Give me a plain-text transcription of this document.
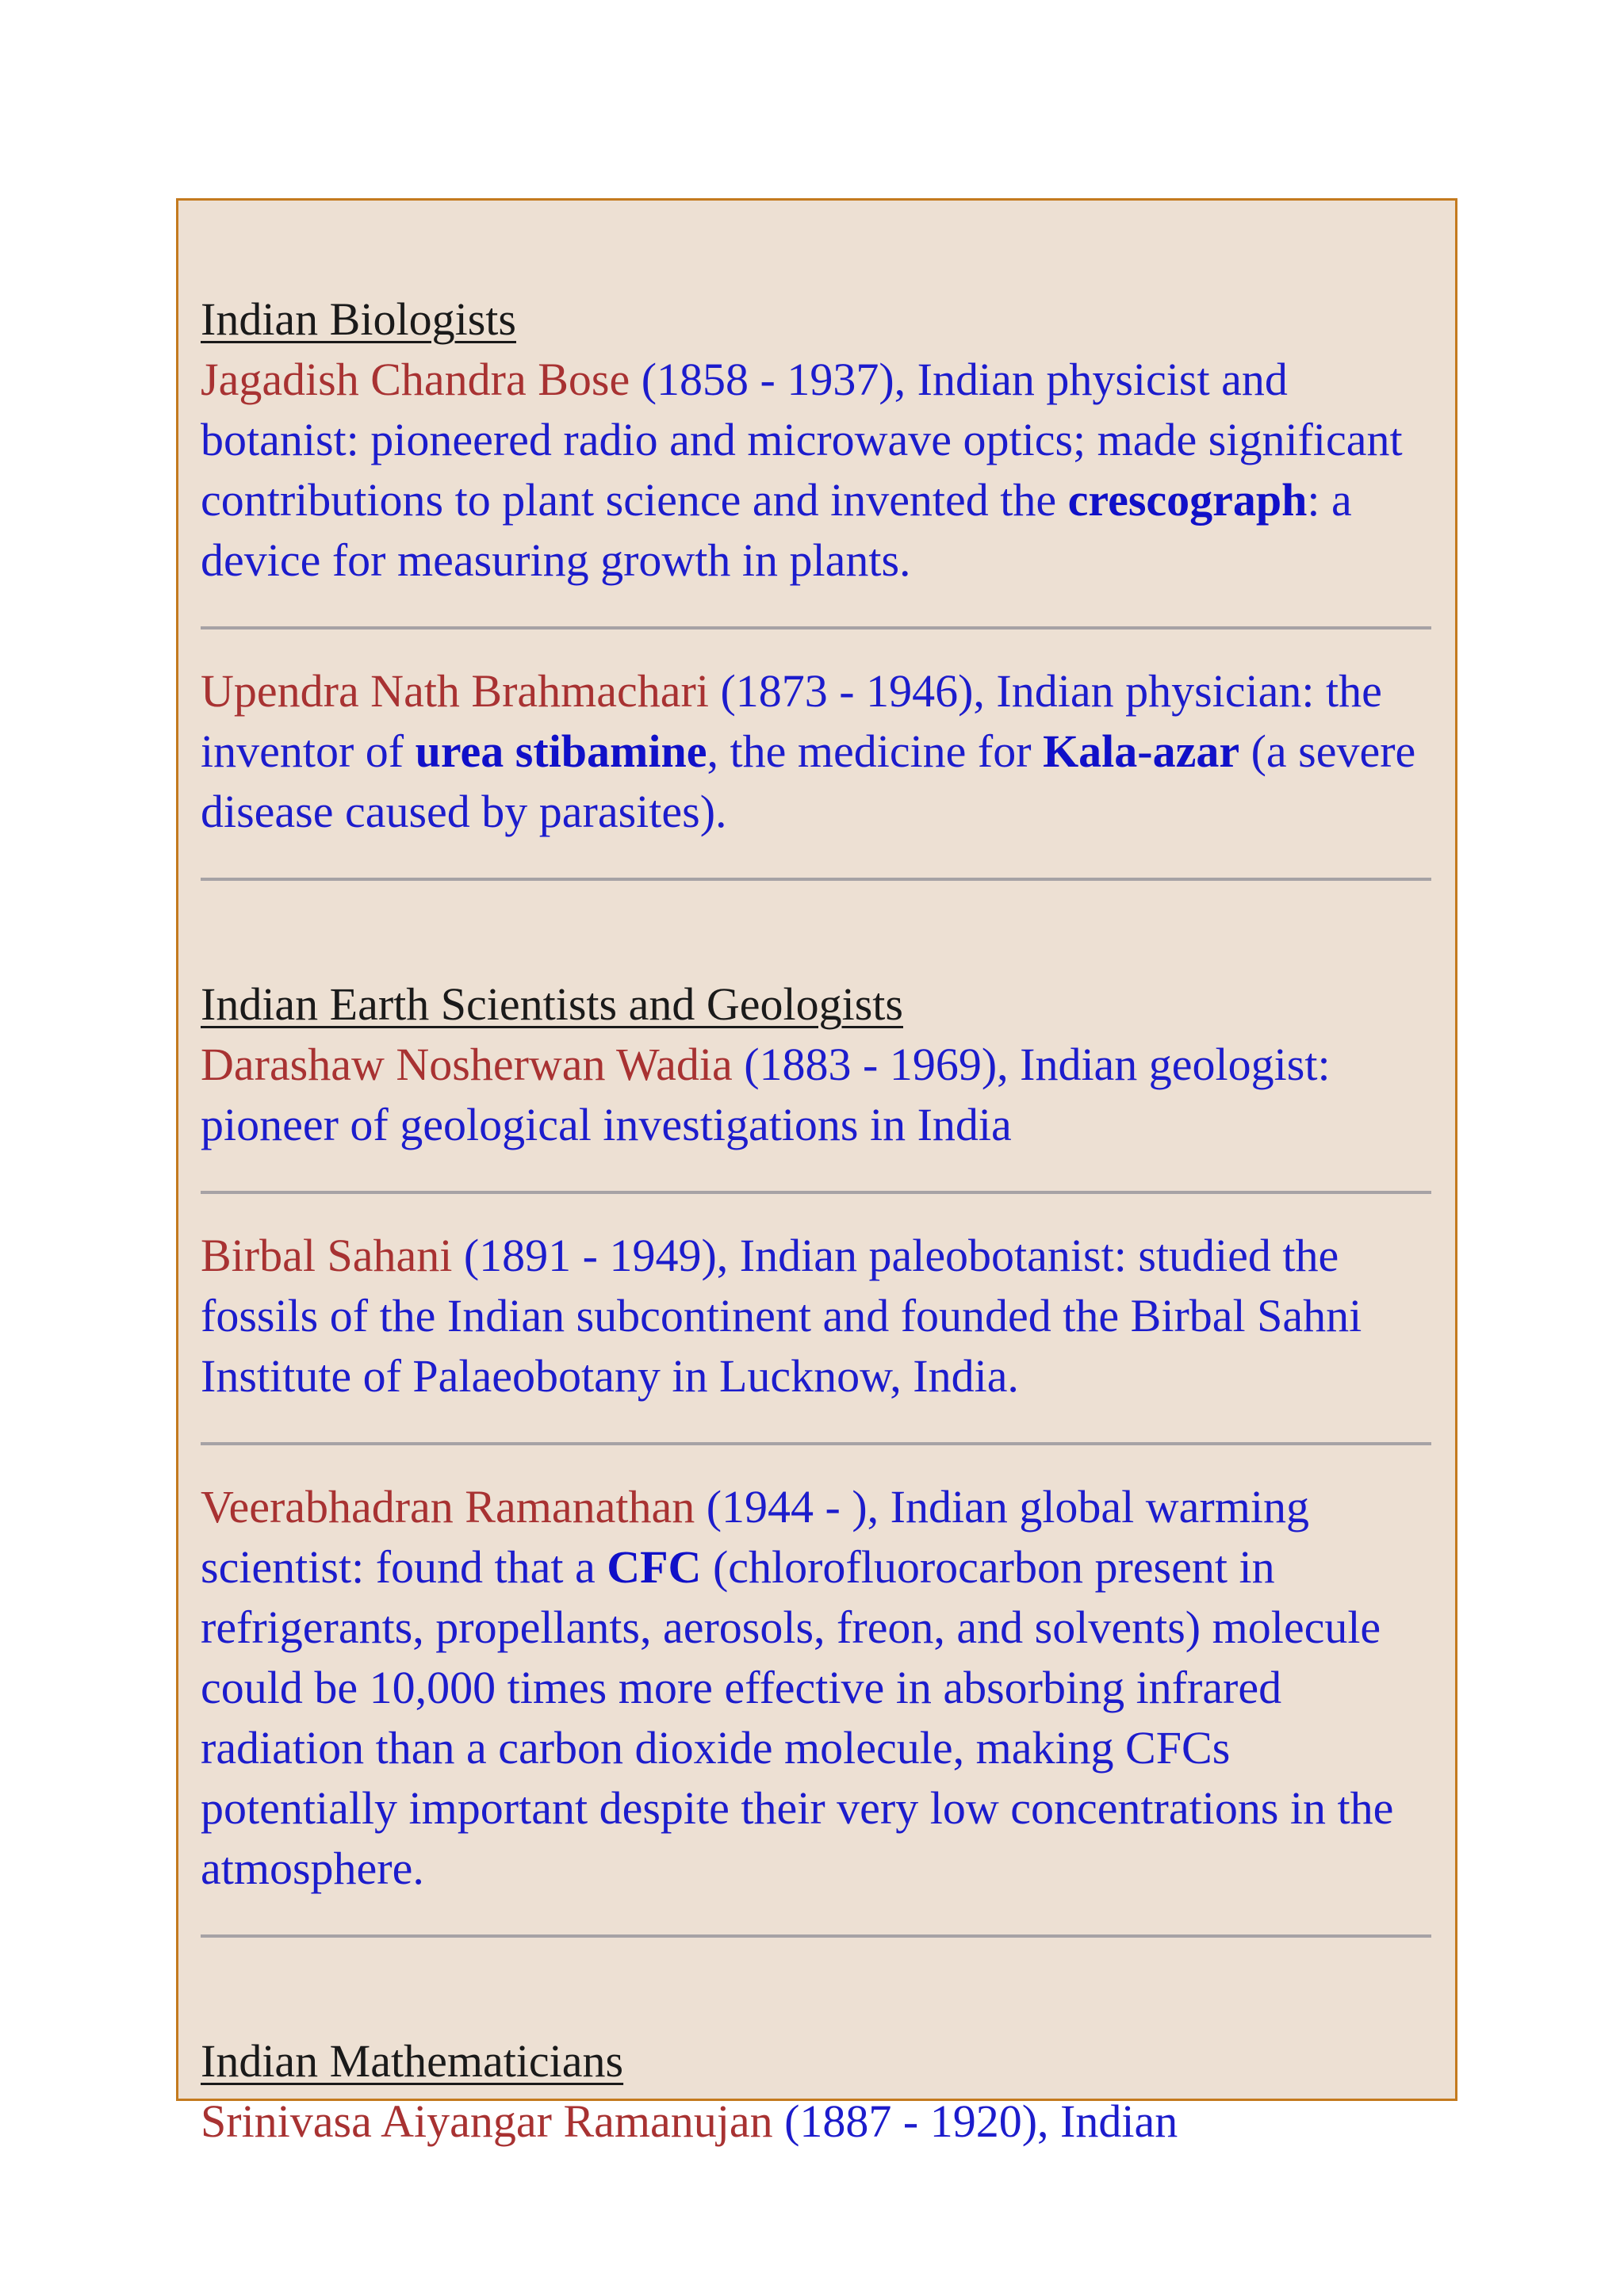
Indian Biologists

Jagadish Chandra Bose (1858 - 1937), Indian physicist and botanist: pioneered radio and microwave optics; made significant contributions to plant science and invented the crescograph: a device for measuring growth in plants.

Upendra Nath Brahmachari (1873 - 1946), Indian physician: the inventor of urea stibamine, the medicine for Kala-azar (a severe disease caused by parasites).

Indian Earth Scientists and Geologists

Darashaw Nosherwan Wadia (1883 - 1969), Indian geologist: pioneer of geological investigations in India

Birbal Sahani (1891 - 1949), Indian paleobotanist: studied the fossils of the Indian subcontinent and founded the Birbal Sahni Institute of Palaeobotany in Lucknow, India.

Veerabhadran Ramanathan (1944 - ), Indian global warming scientist: found that a CFC (chlorofluorocarbon present in refrigerants, propellants, aerosols, freon, and solvents) molecule could be 10,000 times more effective in absorbing infrared radiation than a carbon dioxide molecule, making CFCs potentially important despite their very low concentrations in the atmosphere.

Indian Mathematicians

Srinivasa Aiyangar Ramanujan (1887 - 1920), Indian
